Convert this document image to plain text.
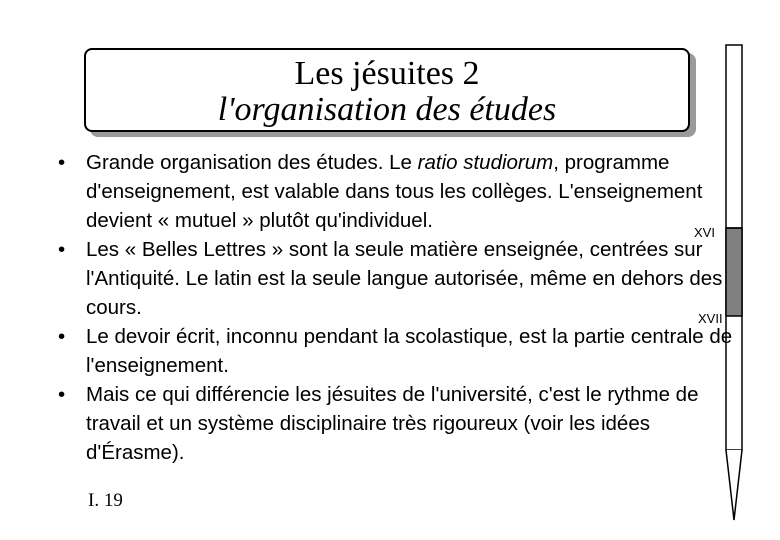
Les jésuites 2
l'organisation des études
XVI
XVII
•	Grande organisation des études. Le ratio studiorum, programme d'enseignement, est valable dans tous les collèges. L'enseignement devient « mutuel » plutôt qu'individuel.
•	Les « Belles Lettres » sont la seule matière enseignée, centrées sur l'Antiquité. Le latin est la seule langue autorisée, même en dehors des cours.
•	Le devoir écrit, inconnu pendant la scolastique, est la partie centrale de l'enseignement.
•	Mais ce qui différencie les jésuites de l'université, c'est le rythme de travail et un système disciplinaire très rigoureux (voir les idées d'Érasme).
I. 19
